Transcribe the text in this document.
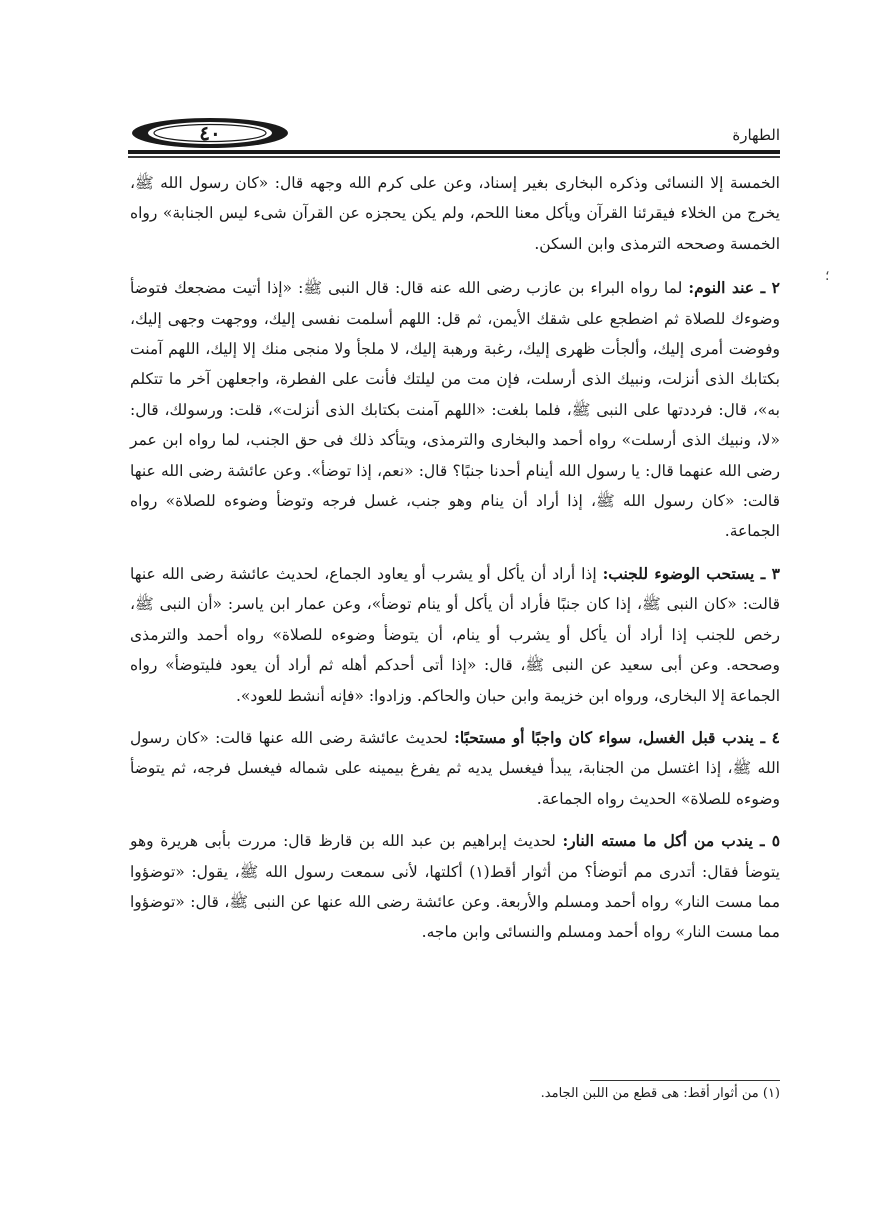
٤٠	الطهارة
؛

الخمسة إلا النسائى وذكره البخارى بغير إسناد، وعن على كرم الله وجهه قال: «كان رسول الله ﷺ، يخرج من الخلاء فيقرئنا القرآن ويأكل معنا اللحم، ولم يكن يحجزه عن القرآن شىء ليس الجنابة» رواه الخمسة وصححه الترمذى وابن السكن.

٢ ـ عند النوم: لما رواه البراء بن عازب رضى الله عنه قال: قال النبى ﷺ: «إذا أتيت مضجعك فتوضأ وضوءك للصلاة ثم اضطجع على شقك الأيمن، ثم قل: اللهم أسلمت نفسى إليك، ووجهت وجهى إليك، وفوضت أمرى إليك، وألجأت ظهرى إليك، رغبة ورهبة إليك، لا ملجأ ولا منجى منك إلا إليك، اللهم آمنت بكتابك الذى أنزلت، ونبيك الذى أرسلت، فإن مت من ليلتك فأنت على الفطرة، واجعلهن آخر ما تتكلم به»، قال: فرددتها على النبى ﷺ، فلما بلغت: «اللهم آمنت بكتابك الذى أنزلت»، قلت: ورسولك، قال: «لا، ونبيك الذى أرسلت» رواه أحمد والبخارى والترمذى، ويتأكد ذلك فى حق الجنب، لما رواه ابن عمر رضى الله عنهما قال: يا رسول الله أينام أحدنا جنبًا؟ قال: «نعم، إذا توضأ». وعن عائشة رضى الله عنها قالت: «كان رسول الله ﷺ، إذا أراد أن ينام وهو جنب، غسل فرجه وتوضأ وضوءه للصلاة» رواه الجماعة.

٣ ـ يستحب الوضوء للجنب: إذا أراد أن يأكل أو يشرب أو يعاود الجماع، لحديث عائشة رضى الله عنها قالت: «كان النبى ﷺ، إذا كان جنبًا فأراد أن يأكل أو ينام توضأ»، وعن عمار ابن ياسر: «أن النبى ﷺ، رخص للجنب إذا أراد أن يأكل أو يشرب أو ينام، أن يتوضأ وضوءه للصلاة» رواه أحمد والترمذى وصححه. وعن أبى سعيد عن النبى ﷺ، قال: «إذا أتى أحدكم أهله ثم أراد أن يعود فليتوضأ» رواه الجماعة إلا البخارى، ورواه ابن خزيمة وابن حبان والحاكم. وزادوا: «فإنه أنشط للعود».

٤ ـ يندب قبل الغسل، سواء كان واجبًا أو مستحبًا: لحديث عائشة رضى الله عنها قالت: «كان رسول الله ﷺ، إذا اغتسل من الجنابة، يبدأ فيغسل يديه ثم يفرغ بيمينه على شماله فيغسل فرجه، ثم يتوضأ وضوءه للصلاة» الحديث رواه الجماعة.

٥ ـ يندب من أكل ما مسته النار: لحديث إبراهيم بن عبد الله بن قارظ قال: مررت بأبى هريرة وهو يتوضأ فقال: أتدرى مم أتوضأ؟ من أثوار أقط(١) أكلتها، لأنى سمعت رسول الله ﷺ، يقول: «توضؤوا مما مست النار» رواه أحمد ومسلم والأربعة. وعن عائشة رضى الله عنها عن النبى ﷺ، قال: «توضؤوا مما مست النار» رواه أحمد ومسلم والنسائى وابن ماجه.

(١) من أثوار أقط: هى قطع من اللبن الجامد.
